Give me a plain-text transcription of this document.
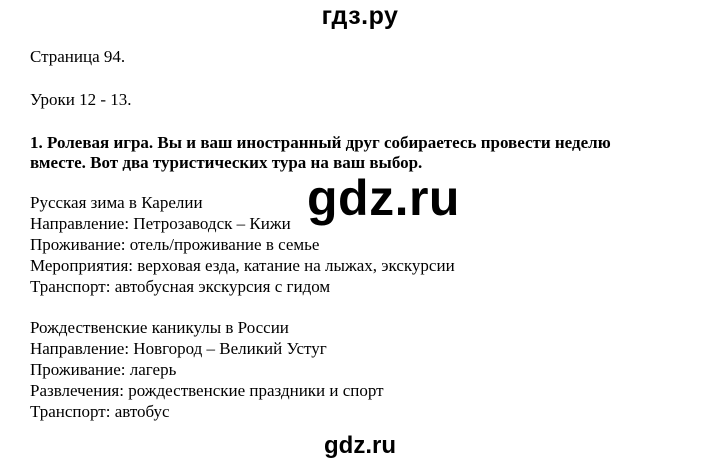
гдз.ру
Страница 94.
Уроки 12 - 13.
1. Ролевая игра. Вы и ваш иностранный друг собираетесь провести неделю
вместе. Вот два туристических тура на ваш выбор.
Русская зима в Карелии
Направление: Петрозаводск – Кижи
Проживание: отель/проживание в семье
Мероприятия: верховая езда, катание на лыжах, экскурсии
Транспорт: автобусная экскурсия с гидом
Рождественские каникулы в России
Направление: Новгород – Великий Устуг
Проживание: лагерь
Развлечения: рождественские праздники и спорт
Транспорт: автобус
gdz.ru
gdz.ru
